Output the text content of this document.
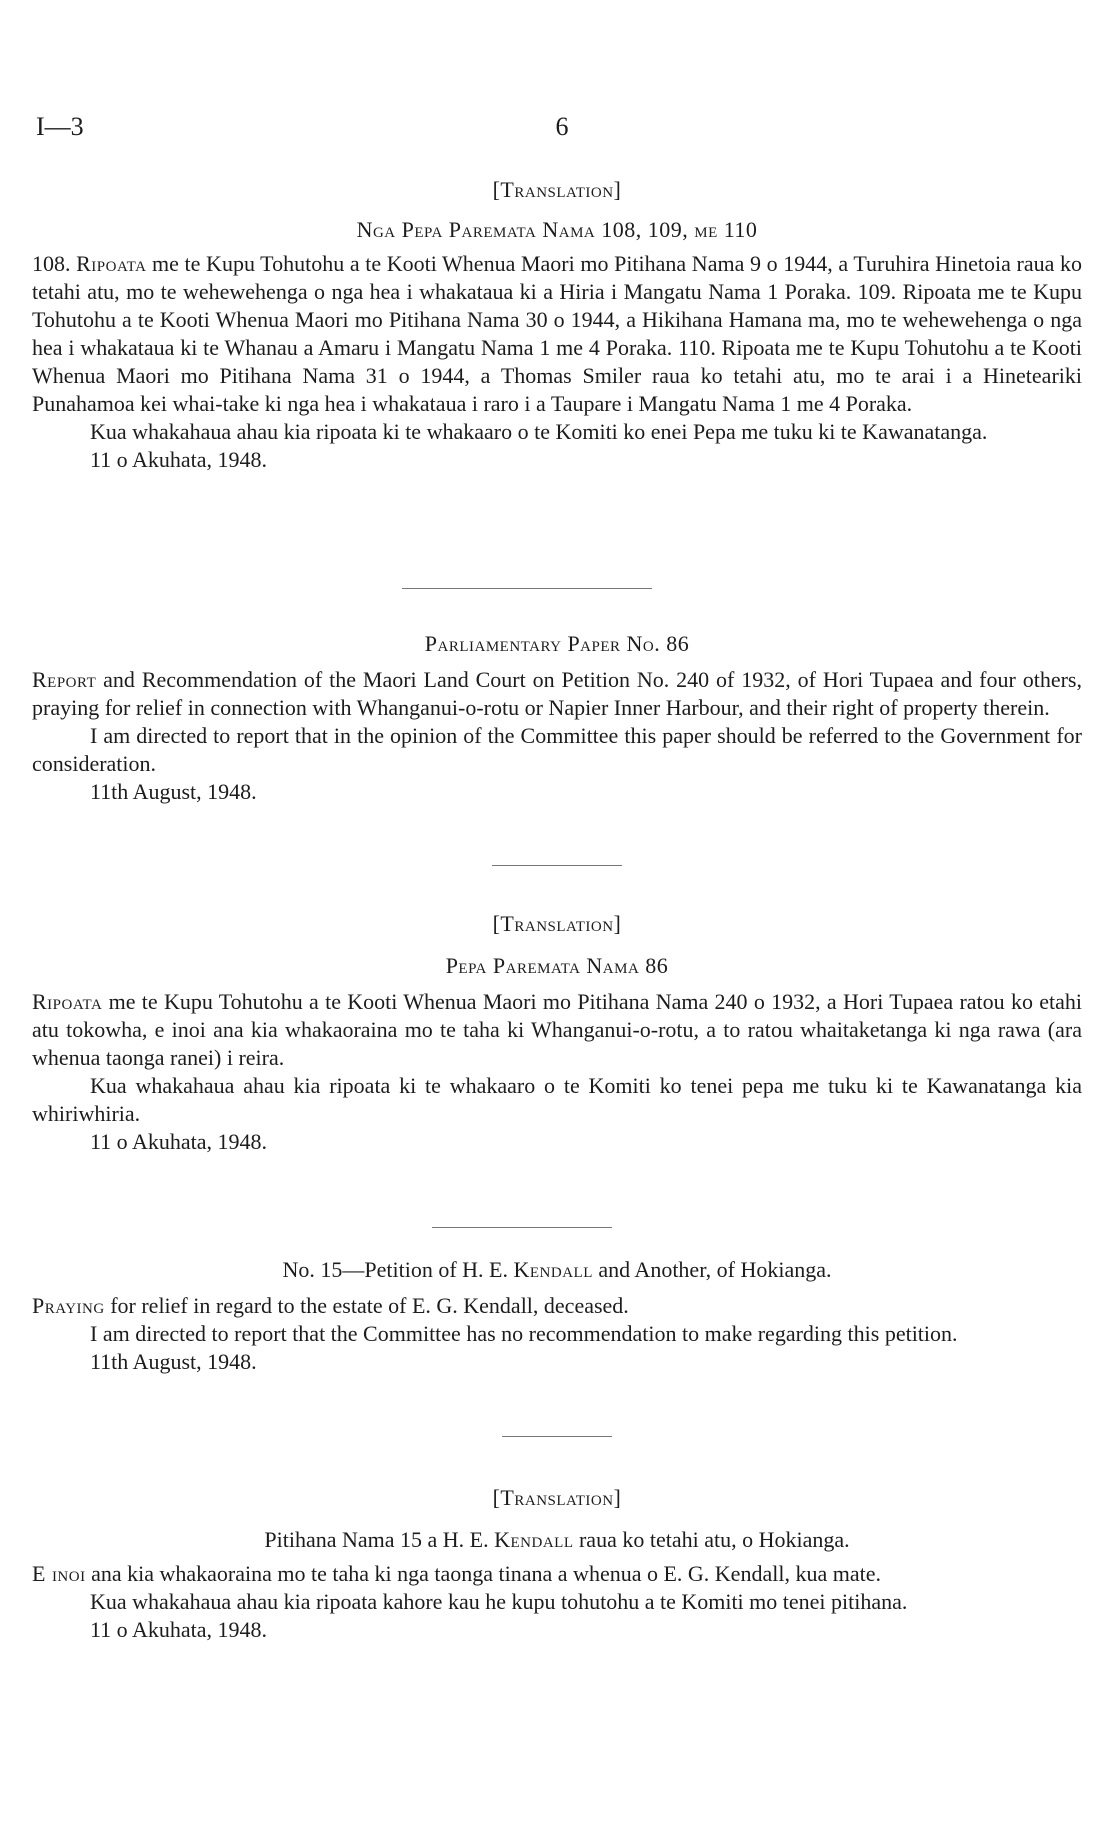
I—3	6

[Translation]

Nga Pepa Paremata Nama 108, 109, me 110

108. Ripoata me te Kupu Tohutohu a te Kooti Whenua Maori mo Pitihana Nama 9 o 1944, a Turuhira Hinetoia raua ko tetahi atu, mo te wehewehenga o nga hea i whakataua ki a Hiria i Mangatu Nama 1 Poraka. 109. Ripoata me te Kupu Tohutohu a te Kooti Whenua Maori mo Pitihana Nama 30 o 1944, a Hikihana Hamana ma, mo te wehewehenga o nga hea i whakataua ki te Whanau a Amaru i Mangatu Nama 1 me 4 Poraka. 110. Ripoata me te Kupu Tohutohu a te Kooti Whenua Maori mo Pitihana Nama 31 o 1944, a Thomas Smiler raua ko tetahi atu, mo te arai i a Hineteariki Punahamoa kei whai-take ki nga hea i whakataua i raro i a Taupare i Mangatu Nama 1 me 4 Poraka.

Kua whakahaua ahau kia ripoata ki te whakaaro o te Komiti ko enei Pepa me tuku ki te Kawanatanga.

11 o Akuhata, 1948.

Parliamentary Paper No. 86

Report and Recommendation of the Maori Land Court on Petition No. 240 of 1932, of Hori Tupaea and four others, praying for relief in connection with Whanganui-o-rotu or Napier Inner Harbour, and their right of property therein.

I am directed to report that in the opinion of the Committee this paper should be referred to the Government for consideration.

11th August, 1948.

[Translation]

Pepa Paremata Nama 86

Ripoata me te Kupu Tohutohu a te Kooti Whenua Maori mo Pitihana Nama 240 o 1932, a Hori Tupaea ratou ko etahi atu tokowha, e inoi ana kia whakaoraina mo te taha ki Whanganui-o-rotu, a to ratou whaitaketanga ki nga rawa (ara whenua taonga ranei) i reira.

Kua whakahaua ahau kia ripoata ki te whakaaro o te Komiti ko tenei pepa me tuku ki te Kawanatanga kia whiriwhiria.

11 o Akuhata, 1948.

No. 15—Petition of H. E. Kendall and Another, of Hokianga.

Praying for relief in regard to the estate of E. G. Kendall, deceased.

I am directed to report that the Committee has no recommendation to make regarding this petition.

11th August, 1948.

[Translation]

Pitihana Nama 15 a H. E. Kendall raua ko tetahi atu, o Hokianga.

E inoi ana kia whakaoraina mo te taha ki nga taonga tinana a whenua o E. G. Kendall, kua mate.

Kua whakahaua ahau kia ripoata kahore kau he kupu tohutohu a te Komiti mo tenei pitihana.

11 o Akuhata, 1948.
